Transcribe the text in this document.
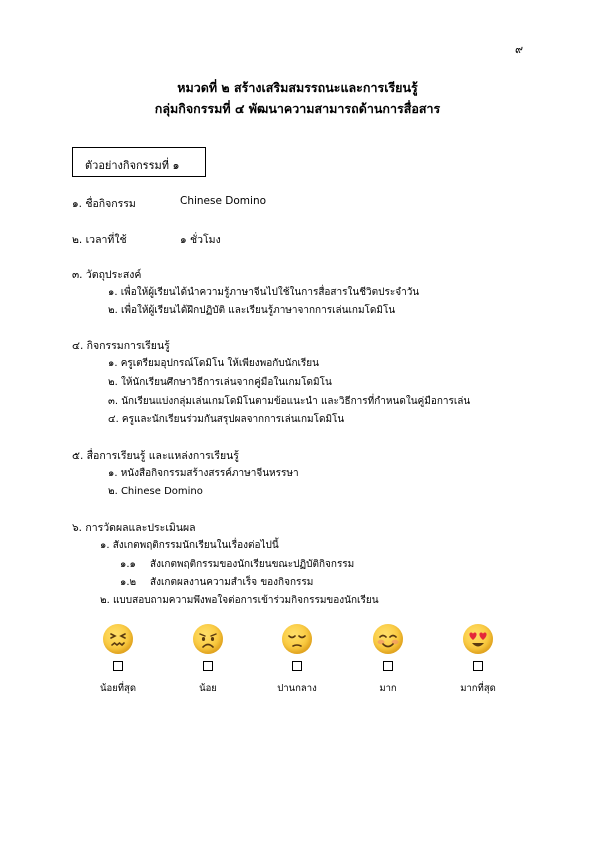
๙
หมวดที่ ๒ สร้างเสริมสมรรถนะและการเรียนรู้
กลุ่มกิจกรรมที่ ๔ พัฒนาความสามารถด้านการสื่อสาร
ตัวอย่างกิจกรรมที่ ๑
๑. ชื่อกิจกรรม	Chinese Domino
๒. เวลาที่ใช้	๑ ชั่วโมง
๓. วัตถุประสงค์
๑. เพื่อให้ผู้เรียนได้นำความรู้ภาษาจีนไปใช้ในการสื่อสารในชีวิตประจำวัน
๒. เพื่อให้ผู้เรียนได้ฝึกปฏิบัติ และเรียนรู้ภาษาจากการเล่นเกมโดมิโน
๔. กิจกรรมการเรียนรู้
๑. ครูเตรียมอุปกรณ์โดมิโน ให้เพียงพอกับนักเรียน
๒. ให้นักเรียนศึกษาวิธีการเล่นจากคู่มือในเกมโดมิโน
๓. นักเรียนแบ่งกลุ่มเล่นเกมโดมิโนตามข้อแนะนำ และวิธีการที่กำหนดในคู่มือการเล่น
๔. ครูและนักเรียนร่วมกันสรุปผลจากการเล่นเกมโดมิโน
๕. สื่อการเรียนรู้ และแหล่งการเรียนรู้
๑. หนังสือกิจกรรมสร้างสรรค์ภาษาจีนหรรษา
๒. Chinese Domino
๖. การวัดผลและประเมินผล
๑. สังเกตพฤติกรรมนักเรียนในเรื่องต่อไปนี้
๑.๑ สังเกตพฤติกรรมของนักเรียนขณะปฏิบัติกิจกรรม
๑.๒ สังเกตผลงานความสำเร็จ ของกิจกรรม
๒. แบบสอบถามความพึงพอใจต่อการเข้าร่วมกิจกรรมของนักเรียน
น้อยที่สุด	น้อย	ปานกลาง	มาก	มากที่สุด
